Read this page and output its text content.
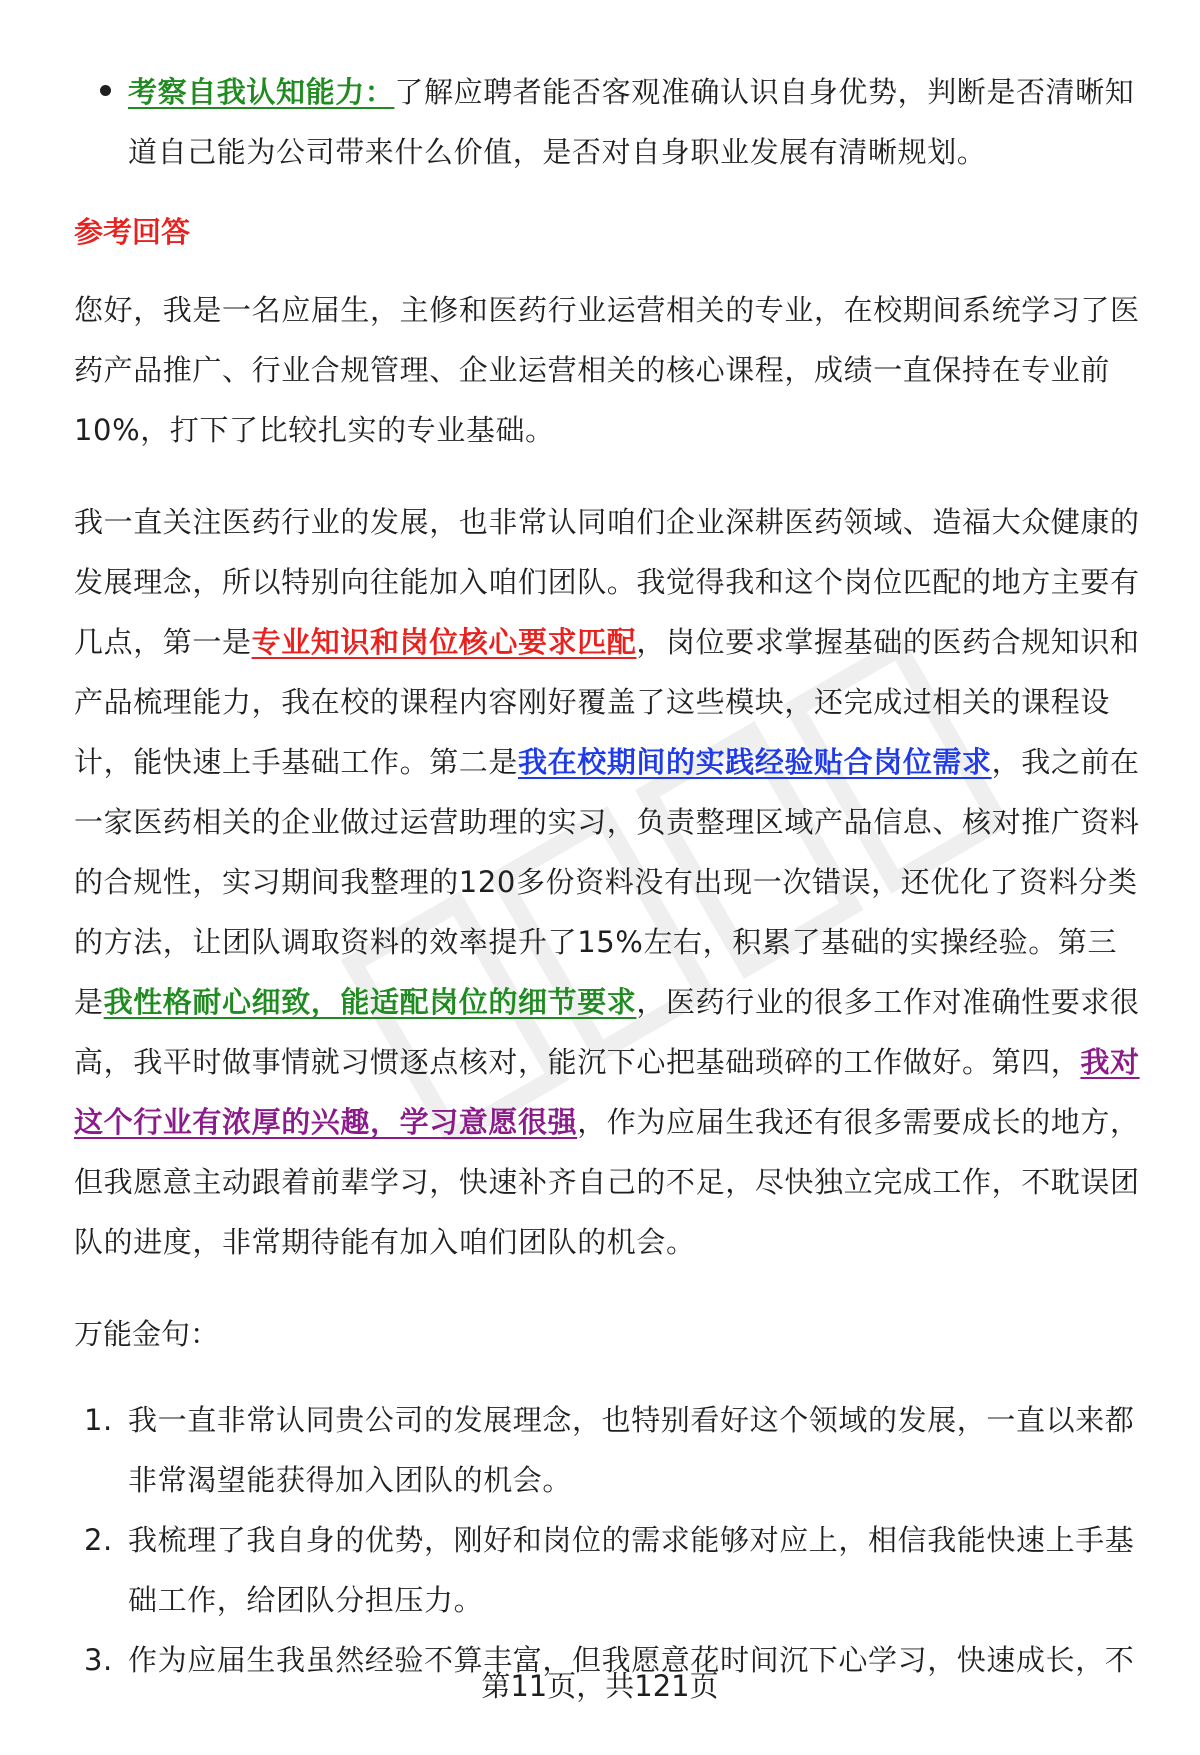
考察自我认知能力：了解应聘者能否客观准确认识自身优势，判断是否清晰知道自己能为公司带来什么价值，是否对自身职业发展有清晰规划。

参考回答

您好，我是一名应届生，主修和医药行业运营相关的专业，在校期间系统学习了医药产品推广、行业合规管理、企业运营相关的核心课程，成绩一直保持在专业前10%，打下了比较扎实的专业基础。

我一直关注医药行业的发展，也非常认同咱们企业深耕医药领域、造福大众健康的发展理念，所以特别向往能加入咱们团队。我觉得我和这个岗位匹配的地方主要有几点，第一是专业知识和岗位核心要求匹配，岗位要求掌握基础的医药合规知识和产品梳理能力，我在校的课程内容刚好覆盖了这些模块，还完成过相关的课程设计，能快速上手基础工作。第二是我在校期间的实践经验贴合岗位需求，我之前在一家医药相关的企业做过运营助理的实习，负责整理区域产品信息、核对推广资料的合规性，实习期间我整理的120多份资料没有出现一次错误，还优化了资料分类的方法，让团队调取资料的效率提升了15%左右，积累了基础的实操经验。第三是我性格耐心细致，能适配岗位的细节要求，医药行业的很多工作对准确性要求很高，我平时做事情就习惯逐点核对，能沉下心把基础琐碎的工作做好。第四，我对这个行业有浓厚的兴趣，学习意愿很强，作为应届生我还有很多需要成长的地方，但我愿意主动跟着前辈学习，快速补齐自己的不足，尽快独立完成工作，不耽误团队的进度，非常期待能有加入咱们团队的机会。

万能金句：

1. 我一直非常认同贵公司的发展理念，也特别看好这个领域的发展，一直以来都非常渴望能获得加入团队的机会。
2. 我梳理了我自身的优势，刚好和岗位的需求能够对应上，相信我能快速上手基础工作，给团队分担压力。
3. 作为应届生我虽然经验不算丰富，但我愿意花时间沉下心学习，快速成长，不
第11页，共121页
